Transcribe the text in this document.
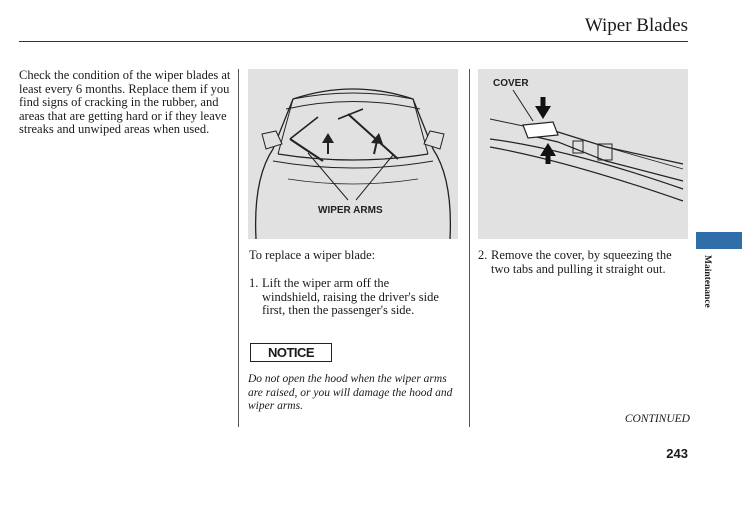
Wiper Blades
Check the condition of the wiper blades at least every 6 months. Replace them if you find signs of cracking in the rubber, and areas that are getting hard or if they leave streaks and unwiped areas when used.
WIPER ARMS
COVER
To replace a wiper blade:
1. Lift the wiper arm off the windshield, raising the driver's side first, then the passenger's side.
NOTICE
Do not open the hood when the wiper arms are raised, or you will damage the hood and wiper arms.
2. Remove the cover, by squeezing the two tabs and pulling it straight out.
CONTINUED
243
Maintenance
